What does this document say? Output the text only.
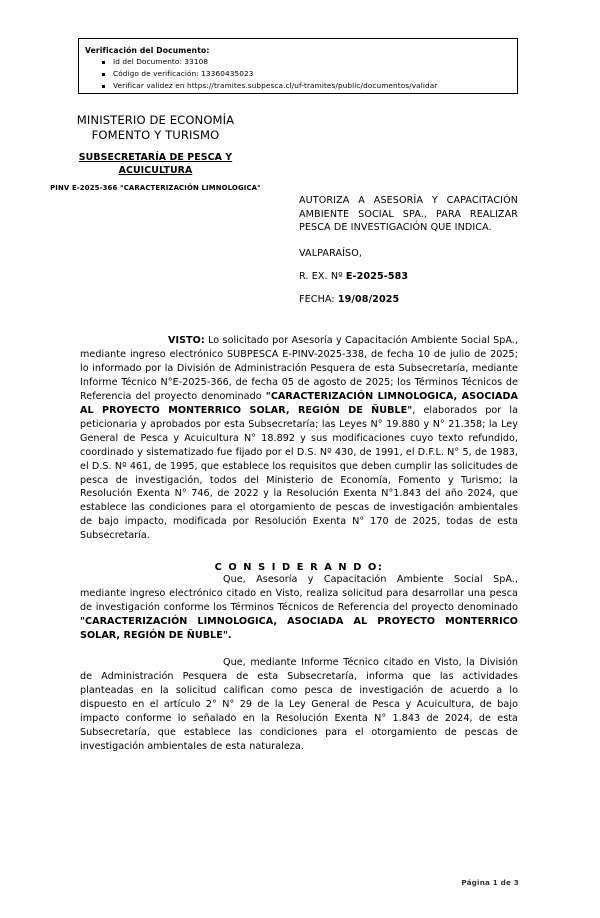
Verificación del Documento:
Id del Documento: 33108
Código de verificación: 13360435023
Verificar validez en https://tramites.subpesca.cl/uf-tramites/public/documentos/validar
MINISTERIO DE ECONOMÍA
FOMENTO Y TURISMO
SUBSECRETARÍA DE PESCA Y
ACUICULTURA
PINV E-2025-366 "CARACTERIZACIÓN LIMNOLOGICA"
AUTORIZA A ASESORÍA Y CAPACITACIÓN AMBIENTE SOCIAL SPA., PARA REALIZAR PESCA DE INVESTIGACIÓN QUE INDICA.
VALPARAÍSO,
R. EX. Nº E-2025-583
FECHA: 19/08/2025

VISTO: Lo solicitado por Asesoría y Capacitación Ambiente Social SpA., mediante ingreso electrónico SUBPESCA E-PINV-2025-338, de fecha 10 de julio de 2025; lo informado por la División de Administración Pesquera de esta Subsecretaría, mediante Informe Técnico N°E-2025-366, de fecha 05 de agosto de 2025; los Términos Técnicos de Referencia del proyecto denominado "CARACTERIZACIÓN LIMNOLOGICA, ASOCIADA AL PROYECTO MONTERRICO SOLAR, REGIÓN DE ÑUBLE", elaborados por la peticionaria y aprobados por esta Subsecretaría; las Leyes N° 19.880 y N° 21.358; la Ley General de Pesca y Acuicultura N° 18.892 y sus modificaciones cuyo texto refundido, coordinado y sistematizado fue fijado por el D.S. Nº 430, de 1991, el D.F.L. N° 5, de 1983, el D.S. Nº 461, de 1995, que establece los requisitos que deben cumplir las solicitudes de pesca de investigación, todos del Ministerio de Economía, Fomento y Turismo; la Resolución Exenta N° 746, de 2022 y la Resolución Exenta N°1.843 del año 2024, que establece las condiciones para el otorgamiento de pescas de investigación ambientales de bajo impacto, modificada por Resolución Exenta N° 170 de 2025, todas de esta Subsecretaría.

C O N S I D E R A N D O:

Que, Asesoría y Capacitación Ambiente Social SpA., mediante ingreso electrónico citado en Visto, realiza solicitud para desarrollar una pesca de investigación conforme los Términos Técnicos de Referencia del proyecto denominado "CARACTERIZACIÓN LIMNOLOGICA, ASOCIADA AL PROYECTO MONTERRICO SOLAR, REGIÓN DE ÑUBLE".

Que, mediante Informe Técnico citado en Visto, la División de Administración Pesquera de esta Subsecretaría, informa que las actividades planteadas en la solicitud califican como pesca de investigación de acuerdo a lo dispuesto en el artículo 2° N° 29 de la Ley General de Pesca y Acuicultura, de bajo impacto conforme lo señalado en la Resolución Exenta N° 1.843 de 2024, de esta Subsecretaría, que establece las condiciones para el otorgamiento de pescas de investigación ambientales de esta naturaleza.

Página 1 de 3
